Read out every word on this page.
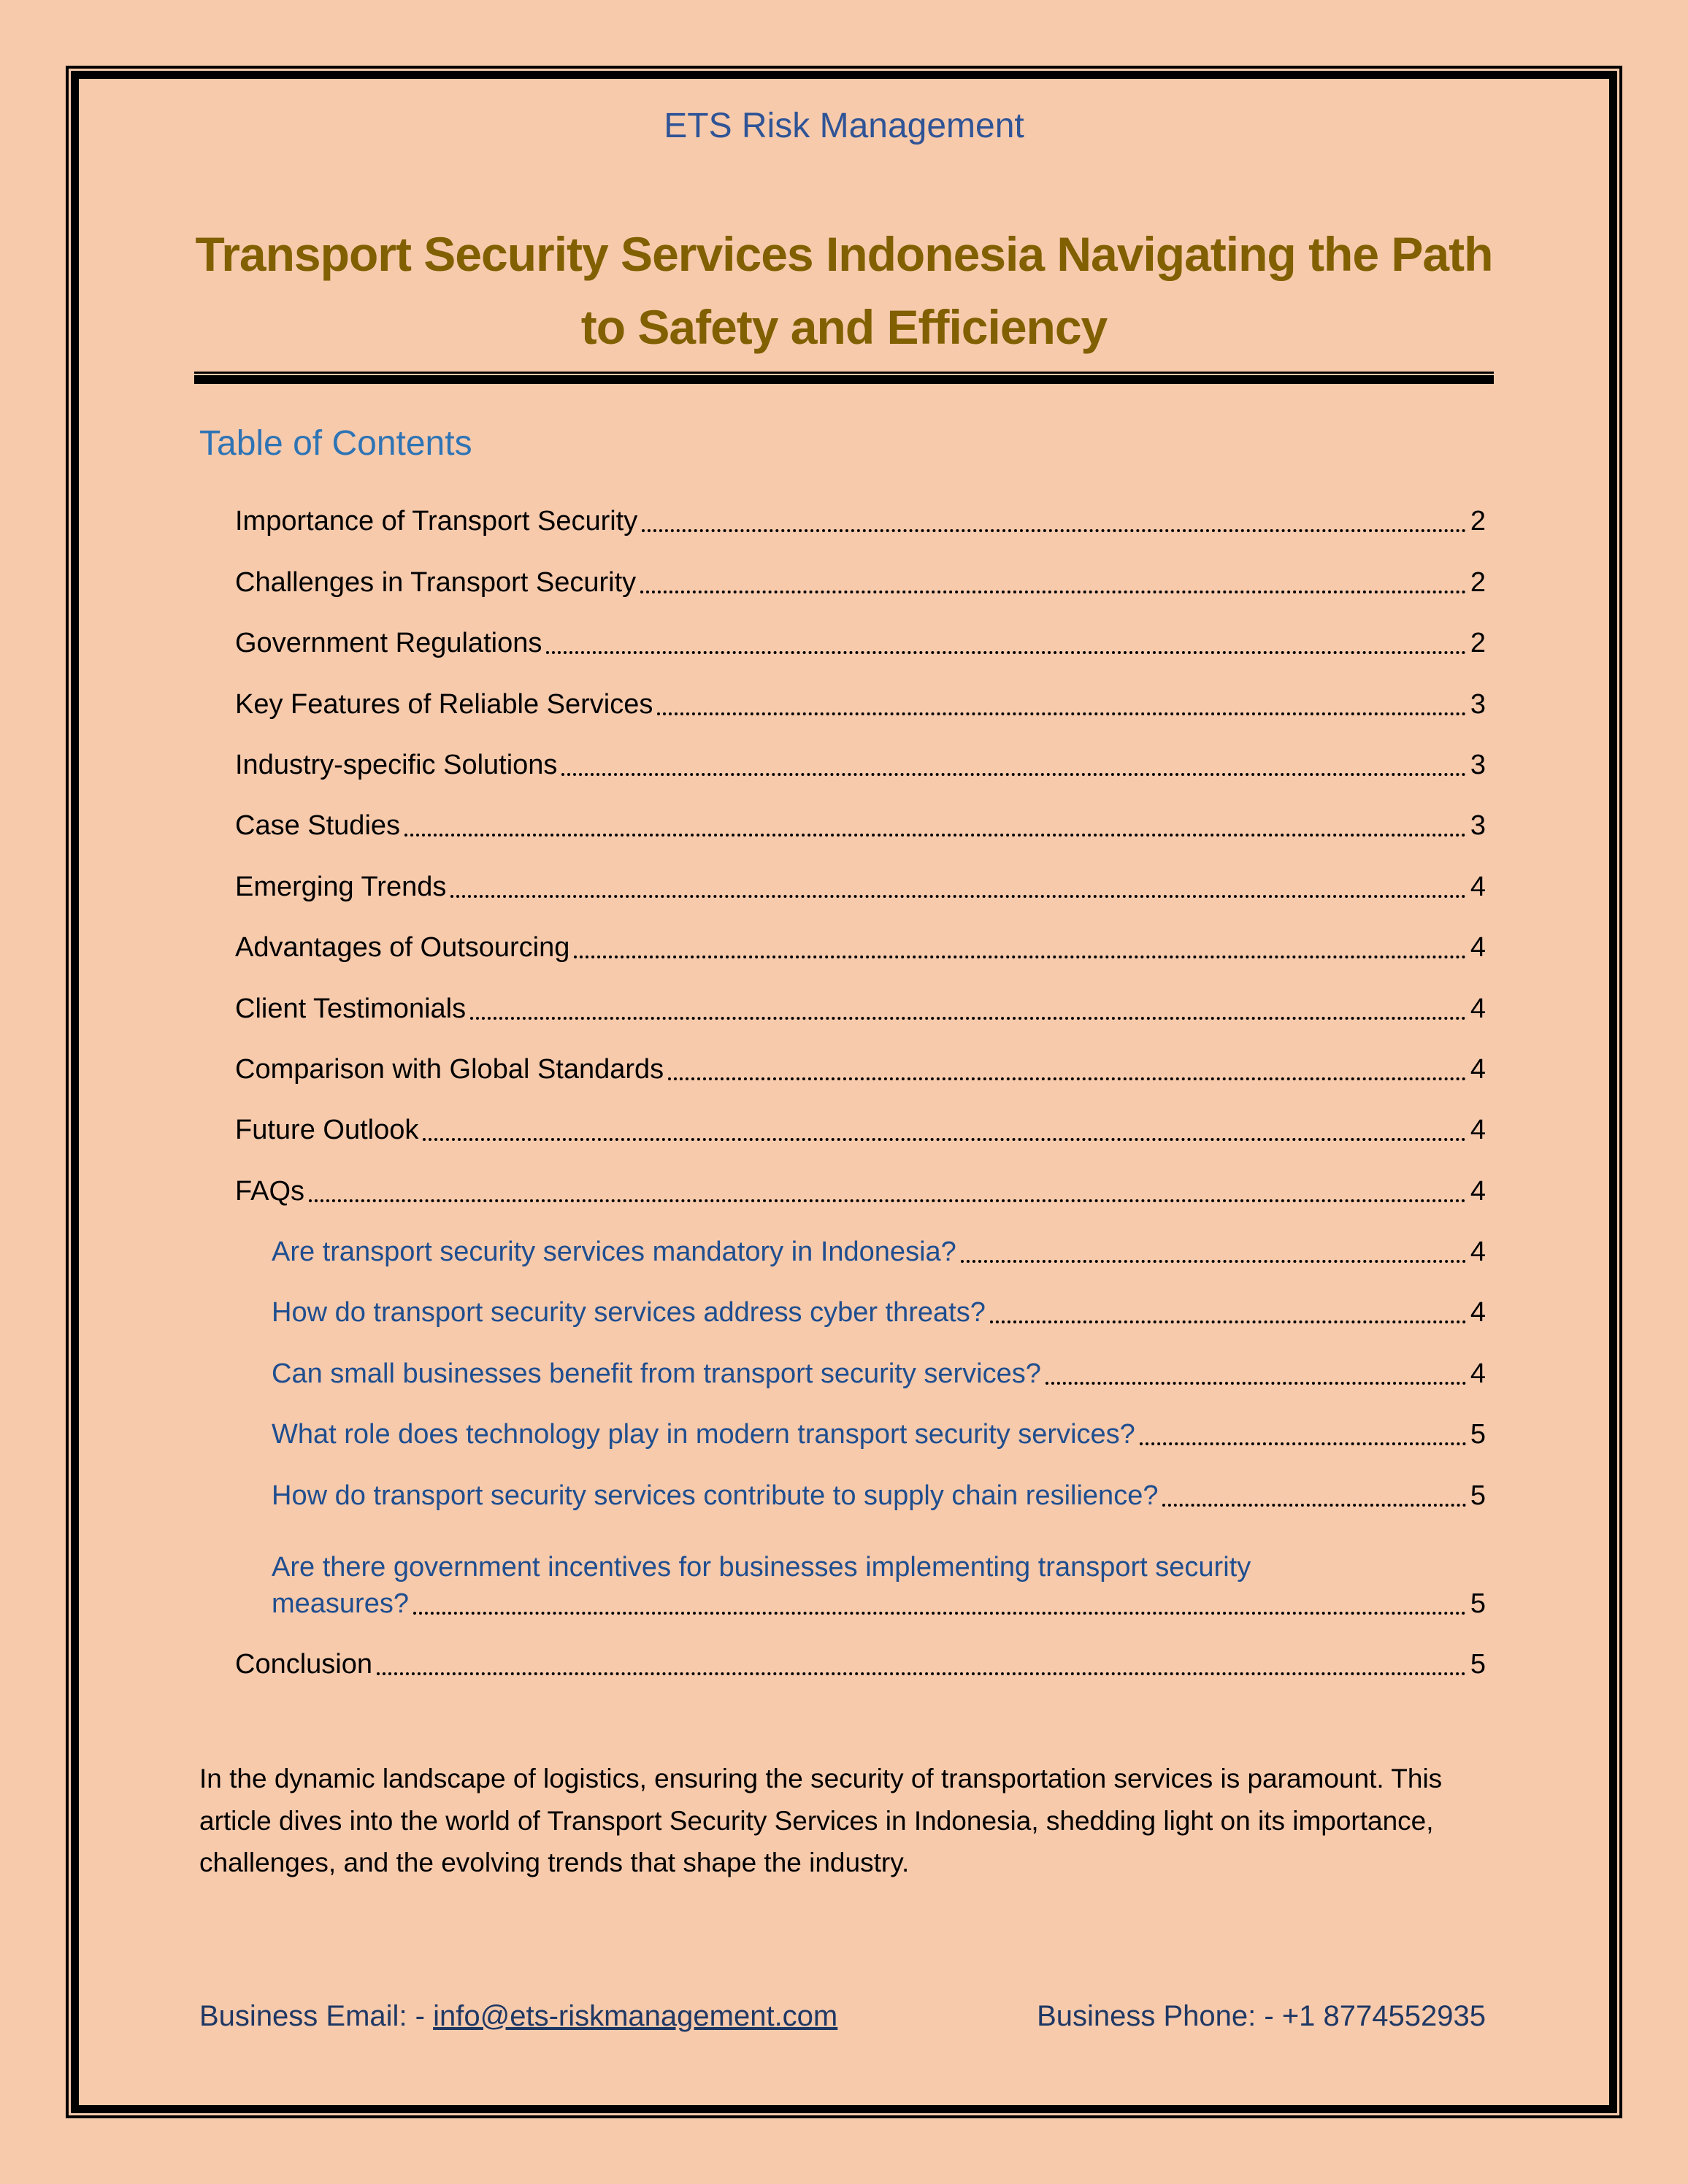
ETS Risk Management
Transport Security Services Indonesia Navigating the Path to Safety and Efficiency
Table of Contents
Importance of Transport Security	2
Challenges in Transport Security	2
Government Regulations	2
Key Features of Reliable Services	3
Industry-specific Solutions	3
Case Studies	3
Emerging Trends	4
Advantages of Outsourcing	4
Client Testimonials	4
Comparison with Global Standards	4
Future Outlook	4
FAQs	4
Are transport security services mandatory in Indonesia?	4
How do transport security services address cyber threats?	4
Can small businesses benefit from transport security services?	4
What role does technology play in modern transport security services?	5
How do transport security services contribute to supply chain resilience?	5
Are there government incentives for businesses implementing transport security
measures?	5
Conclusion	5
In the dynamic landscape of logistics, ensuring the security of transportation services is paramount. This article dives into the world of Transport Security Services in Indonesia, shedding light on its importance, challenges, and the evolving trends that shape the industry.
Business Email: - info@ets-riskmanagement.com	Business Phone: - +1 8774552935
